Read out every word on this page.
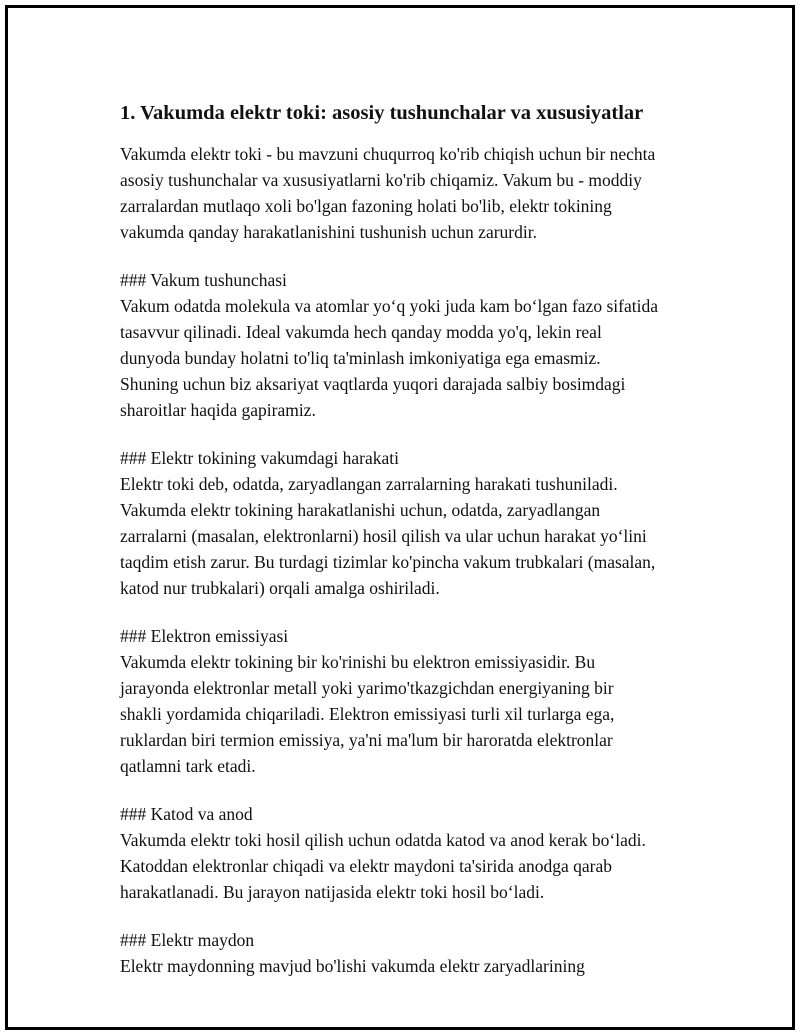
1. Vakumda elektr toki: asosiy tushunchalar va xususiyatlar

Vakumda elektr toki - bu mavzuni chuqurroq ko'rib chiqish uchun bir nechta
asosiy tushunchalar va xususiyatlarni ko'rib chiqamiz. Vakum bu - moddiy
zarralardan mutlaqo xoli bo'lgan fazoning holati bo'lib, elektr tokining
vakumda qanday harakatlanishini tushunish uchun zarurdir.

### Vakum tushunchasi
Vakum odatda molekula va atomlar yo‘q yoki juda kam bo‘lgan fazo sifatida
tasavvur qilinadi. Ideal vakumda hech qanday modda yo'q, lekin real
dunyoda bunday holatni to'liq ta'minlash imkoniyatiga ega emasmiz.
Shuning uchun biz aksariyat vaqtlarda yuqori darajada salbiy bosimdagi
sharoitlar haqida gapiramiz.

### Elektr tokining vakumdagi harakati
Elektr toki deb, odatda, zaryadlangan zarralarning harakati tushuniladi.
Vakumda elektr tokining harakatlanishi uchun, odatda, zaryadlangan
zarralarni (masalan, elektronlarni) hosil qilish va ular uchun harakat yo‘lini
taqdim etish zarur. Bu turdagi tizimlar ko'pincha vakum trubkalari (masalan,
katod nur trubkalari) orqali amalga oshiriladi.

### Elektron emissiyasi
Vakumda elektr tokining bir ko'rinishi bu elektron emissiyasidir. Bu
jarayonda elektronlar metall yoki yarimo'tkazgichdan energiyaning bir
shakli yordamida chiqariladi. Elektron emissiyasi turli xil turlarga ega,
ruklardan biri termion emissiya, ya'ni ma'lum bir haroratda elektronlar
qatlamni tark etadi.

### Katod va anod
Vakumda elektr toki hosil qilish uchun odatda katod va anod kerak bo‘ladi.
Katoddan elektronlar chiqadi va elektr maydoni ta'sirida anodga qarab
harakatlanadi. Bu jarayon natijasida elektr toki hosil bo‘ladi.

### Elektr maydon
Elektr maydonning mavjud bo'lishi vakumda elektr zaryadlarining
